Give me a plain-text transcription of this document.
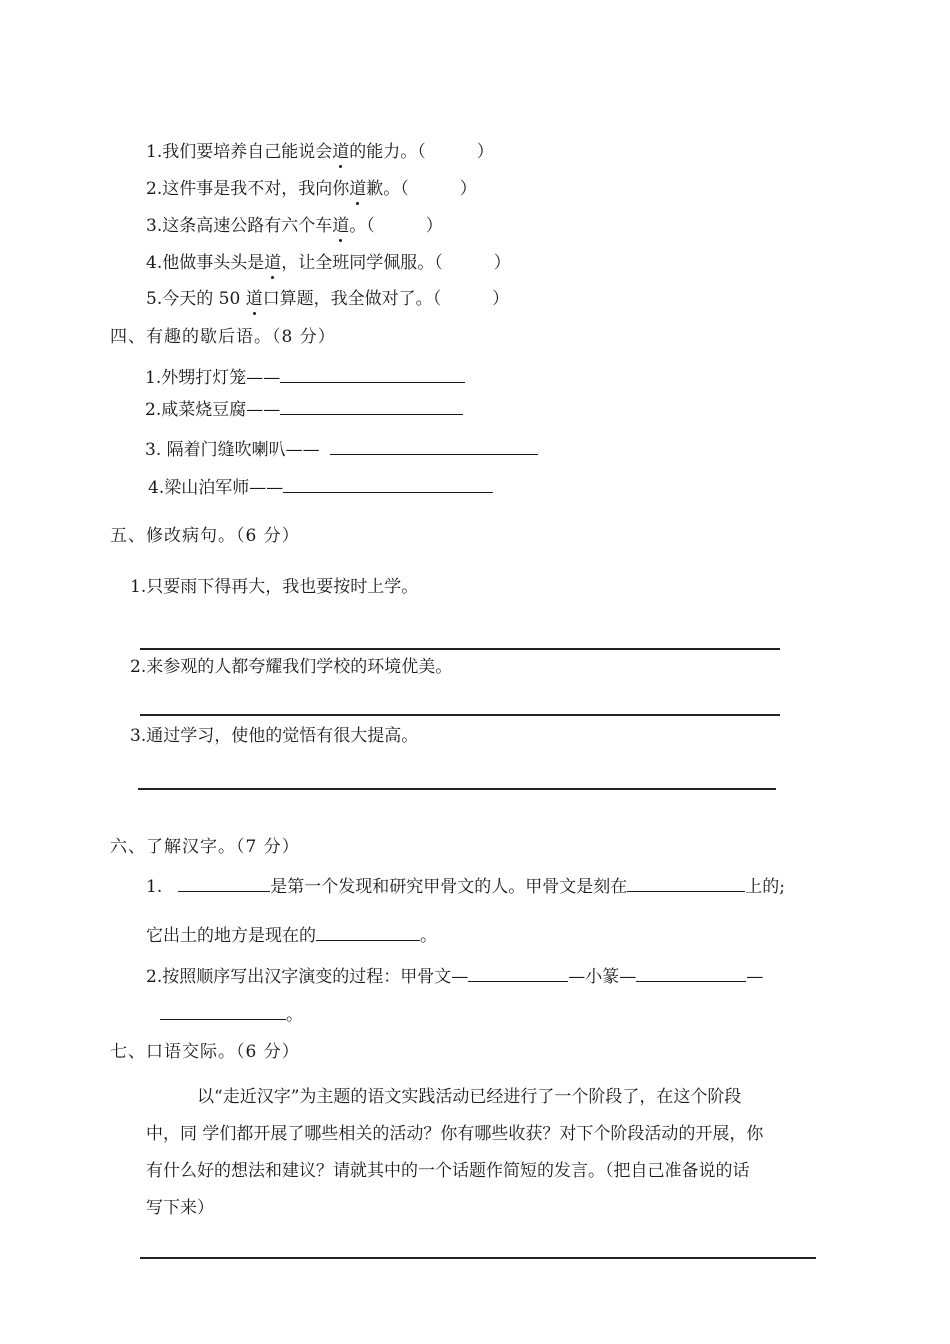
1.我们要培养自己能说会道的能力。（　　　）
2.这件事是我不对，我向你道歉。（　　　）
3.这条高速公路有六个车道。（　　　）
4.他做事头头是道，让全班同学佩服。（　　　）
5.今天的 50 道口算题，我全做对了。（　　　）
四、有趣的歇后语。（8 分）
1.外甥打灯笼——
2.咸菜烧豆腐——
3. 隔着门缝吹喇叭——
4.梁山泊军师——
五、修改病句。（6 分）
1.只要雨下得再大，我也要按时上学。
2.来参观的人都夸耀我们学校的环境优美。
3.通过学习，使他的觉悟有很大提高。
六、了解汉字。（7 分）
1.	是第一个发现和研究甲骨文的人。甲骨文是刻在	上的;
它出土的地方是现在的	。
2.按照顺序写出汉字演变的过程：甲骨文—	—小篆—	—
。
七、口语交际。（6 分）
　　　以“走近汉字”为主题的语文实践活动已经进行了一个阶段了，在这个阶段
中，同 学们都开展了哪些相关的活动？你有哪些收获？对下个阶段活动的开展，你
有什么好的想法和建议？请就其中的一个话题作简短的发言。（把自己准备说的话
写下来）
